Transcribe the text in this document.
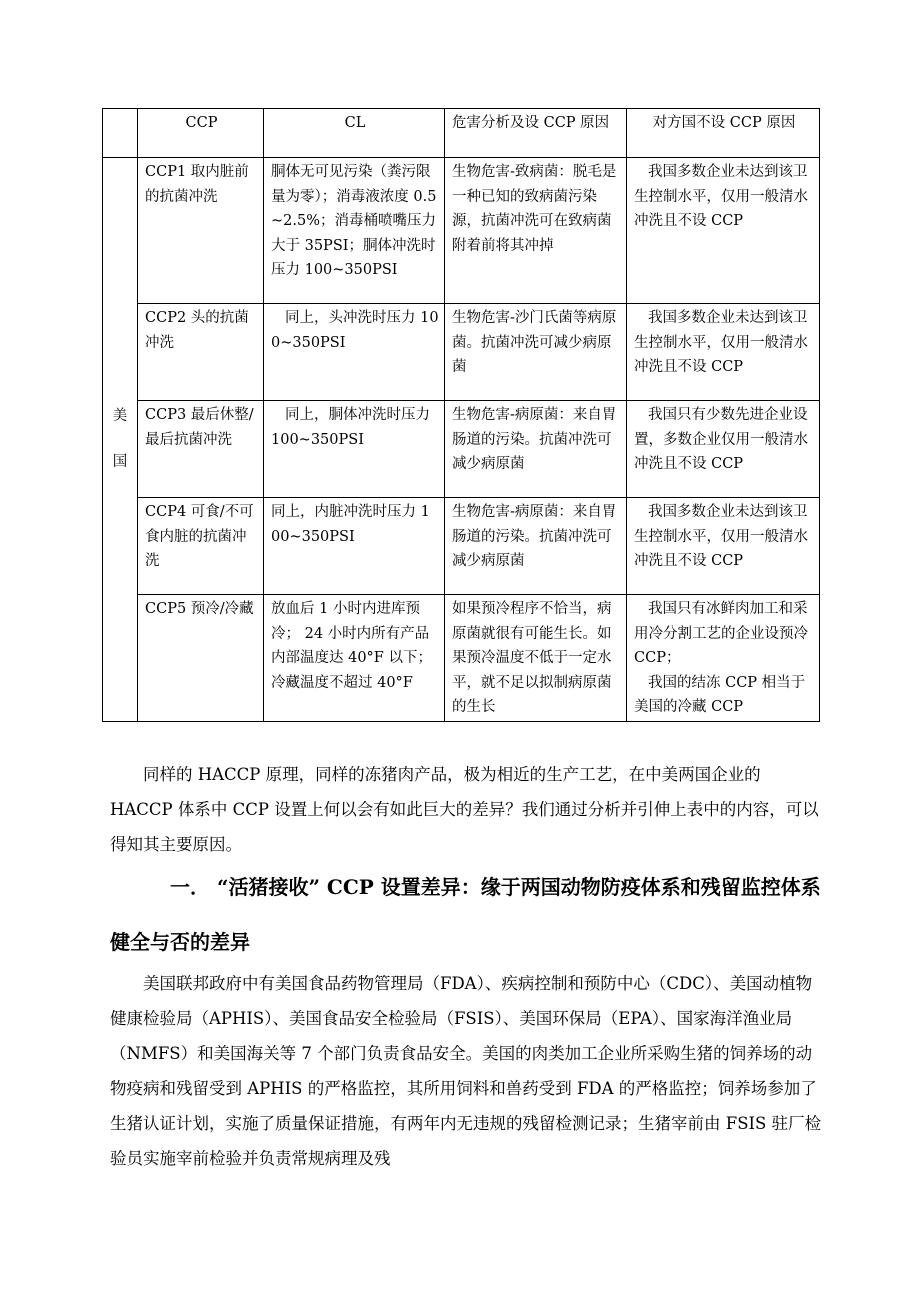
	CCP	CL	危害分析及设 CCP 原因	对方国不设 CCP 原因

美
国	CCP1 取内脏前的抗菌冲洗	胴体无可见污染（粪污限量为零）；消毒液浓度 0.5~2.5%；消毒桶喷嘴压力大于 35PSI；胴体冲洗时压力 100~350PSI	生物危害-致病菌：脱毛是一种已知的致病菌污染源，抗菌冲洗可在致病菌附着前将其冲掉	我国多数企业未达到该卫生控制水平，仅用一般清水冲洗且不设 CCP
	CCP2 头的抗菌冲洗	同上，头冲洗时压力 100~350PSI	生物危害-沙门氏菌等病原菌。抗菌冲洗可减少病原菌	我国多数企业未达到该卫生控制水平，仅用一般清水冲洗且不设 CCP
	CCP3 最后休整/最后抗菌冲洗	同上，胴体冲洗时压力 100~350PSI	生物危害-病原菌：来自胃肠道的污染。抗菌冲洗可减少病原菌	我国只有少数先进企业设置，多数企业仅用一般清水冲洗且不设 CCP
	CCP4 可食/不可食内脏的抗菌冲洗	同上，内脏冲洗时压力 100~350PSI	生物危害-病原菌：来自胃肠道的污染。抗菌冲洗可减少病原菌	我国多数企业未达到该卫生控制水平，仅用一般清水冲洗且不设 CCP
	CCP5 预冷/冷藏	放血后 1 小时内进库预冷； 24 小时内所有产品内部温度达 40°F 以下；冷藏温度不超过 40°F	如果预冷程序不恰当，病原菌就很有可能生长。如果预冷温度不低于一定水平，就不足以拟制病原菌的生长	我国只有冰鲜肉加工和采用冷分割工艺的企业设预冷 CCP；
我国的结冻 CCP 相当于美国的冷藏 CCP

同样的 HACCP 原理，同样的冻猪肉产品，极为相近的生产工艺，在中美两国企业的 HACCP 体系中 CCP 设置上何以会有如此巨大的差异？我们通过分析并引伸上表中的内容，可以得知其主要原因。

一． “活猪接收” CCP 设置差异：缘于两国动物防疫体系和残留监控体系健全与否的差异

美国联邦政府中有美国食品药物管理局（FDA）、疾病控制和预防中心（CDC）、美国动植物健康检验局（APHIS）、美国食品安全检验局（FSIS）、美国环保局（EPA）、国家海洋渔业局（NMFS）和美国海关等 7 个部门负责食品安全。美国的肉类加工企业所采购生猪的饲养场的动物疫病和残留受到 APHIS 的严格监控，其所用饲料和兽药受到 FDA 的严格监控；饲养场参加了生猪认证计划，实施了质量保证措施，有两年内无违规的残留检测记录；生猪宰前由 FSIS 驻厂检验员实施宰前检验并负责常规病理及残
